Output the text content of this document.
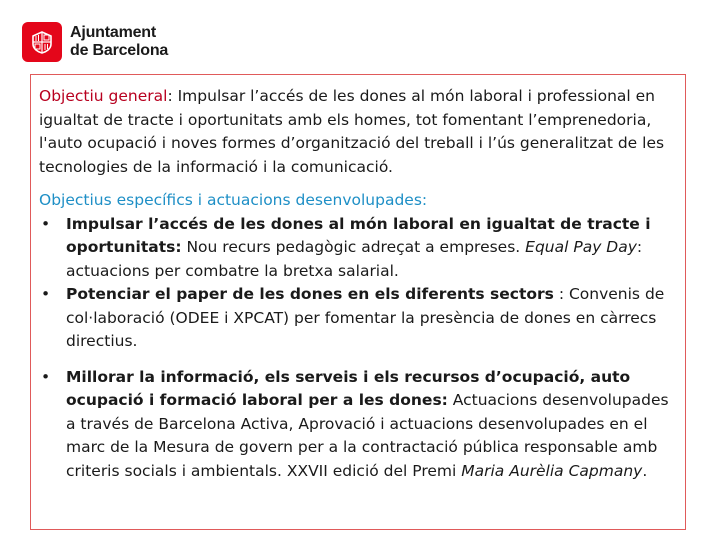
Ajuntament
de Barcelona

Objectiu general: Impulsar l’accés de les dones al món laboral i professional en igualtat de tracte i oportunitats amb els homes, tot fomentant l’emprenedoria, l'auto ocupació i noves formes d’organització del treball i l’ús generalitzat de les tecnologies de la informació i la comunicació.

Objectius específics i actuacions desenvolupades:

• Impulsar l’accés de les dones al món laboral en igualtat de tracte i oportunitats: Nou recurs pedagògic adreçat a empreses. Equal Pay Day: actuacions per combatre la bretxa salarial.
• Potenciar el paper de les dones en els diferents sectors : Convenis de col·laboració (ODEE i XPCAT) per fomentar la presència de dones en càrrecs directius.
• Millorar la informació, els serveis i els recursos d’ocupació, auto ocupació i formació laboral per a les dones: Actuacions desenvolupades a través de Barcelona Activa, Aprovació i actuacions desenvolupades en el marc de la Mesura de govern per a la contractació pública responsable amb criteris socials i ambientals. XXVII edició del Premi Maria Aurèlia Capmany.
